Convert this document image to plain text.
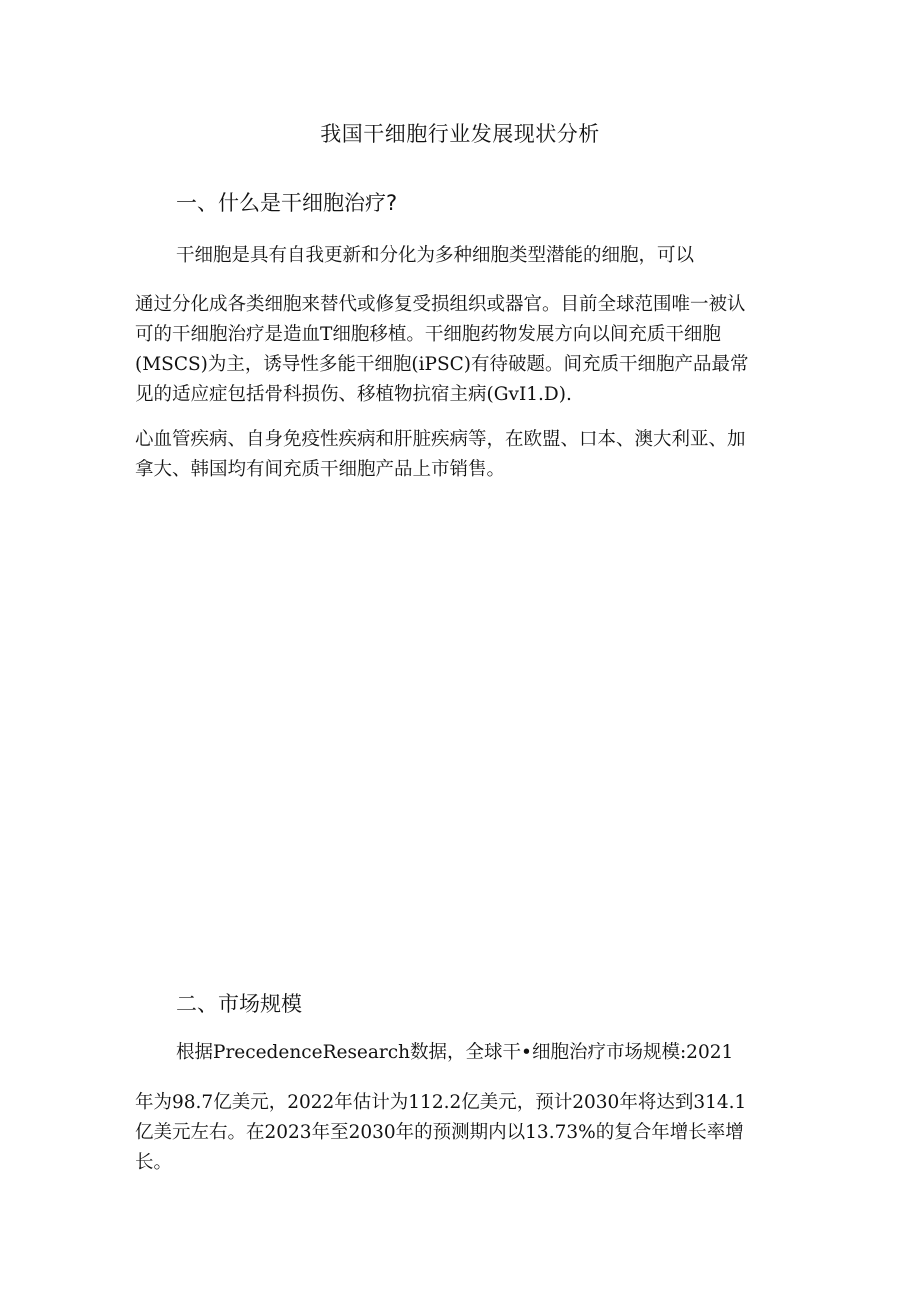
我国干细胞行业发展现状分析
一、什么是干细胞治疗?
干细胞是具有自我更新和分化为多种细胞类型潜能的细胞，可以
通过分化成各类细胞来替代或修复受损组织或器官。目前全球范围唯一被认
可的干细胞治疗是造血T细胞移植。干细胞药物发展方向以间充质干细胞
(MSCS)为主，诱导性多能干细胞(iPSC)有待破题。间充质干细胞产品最常
见的适应症包括骨科损伤、移植物抗宿主病(GvI1.D).
心血管疾病、自身免疫性疾病和肝脏疾病等，在欧盟、口本、澳大利亚、加
拿大、韩国均有间充质干细胞产品上市销售。
二、市场规模
根据PrecedenceResearch数据，全球干•细胞治疗市场规模:2021
年为98.7亿美元，2022年估计为112.2亿美元，预计2030年将达到314.1
亿美元左右。在2023年至2030年的预测期内以13.73%的复合年增长率增
长。
